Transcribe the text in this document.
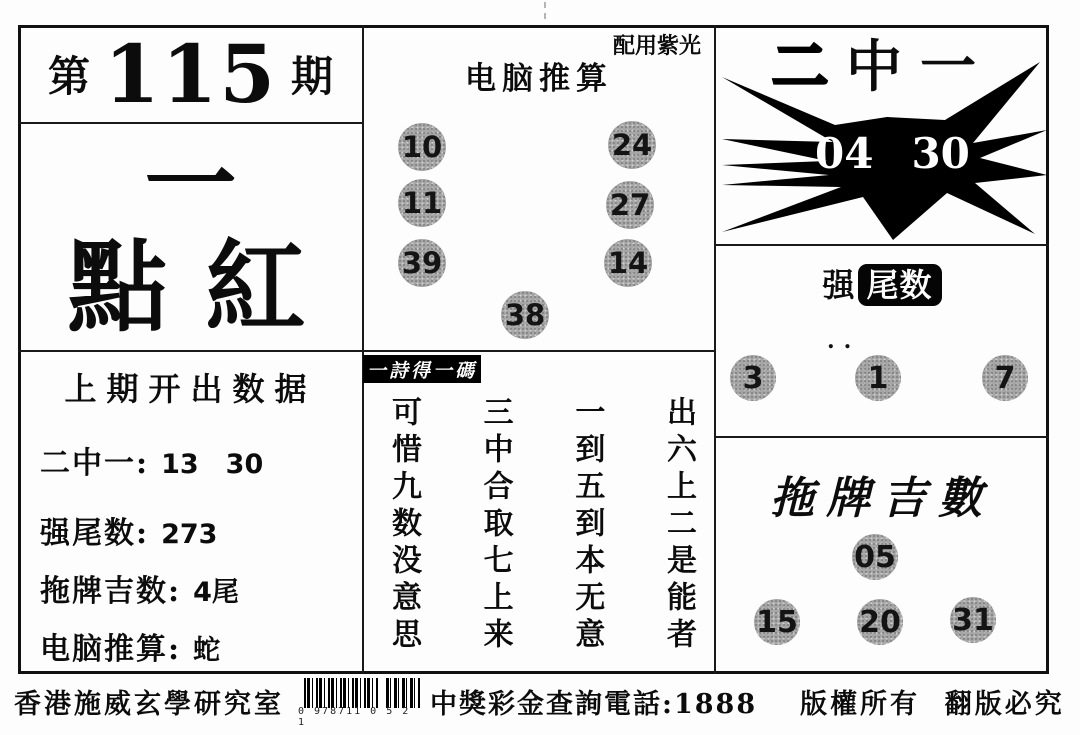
第 115 期
一
點紅
配用紫光
电脑推算
10	24
11	27
39	14
38
一詩得一碼
出六上二是能者
一到五到本无意
三中合取七上来
可惜九数没意思
二中一
04 30
强 尾数
..
3	1	7
拖牌吉數
05
15 20 31
上期开出数据
二中一: 13　30
强尾数: 273
拖牌吉数: 4尾
电脑推算: 蛇
香港施威玄學研究室 0 978711 0 5 2 1
中獎彩金查詢電話:1888 版權所有  翻版必究
